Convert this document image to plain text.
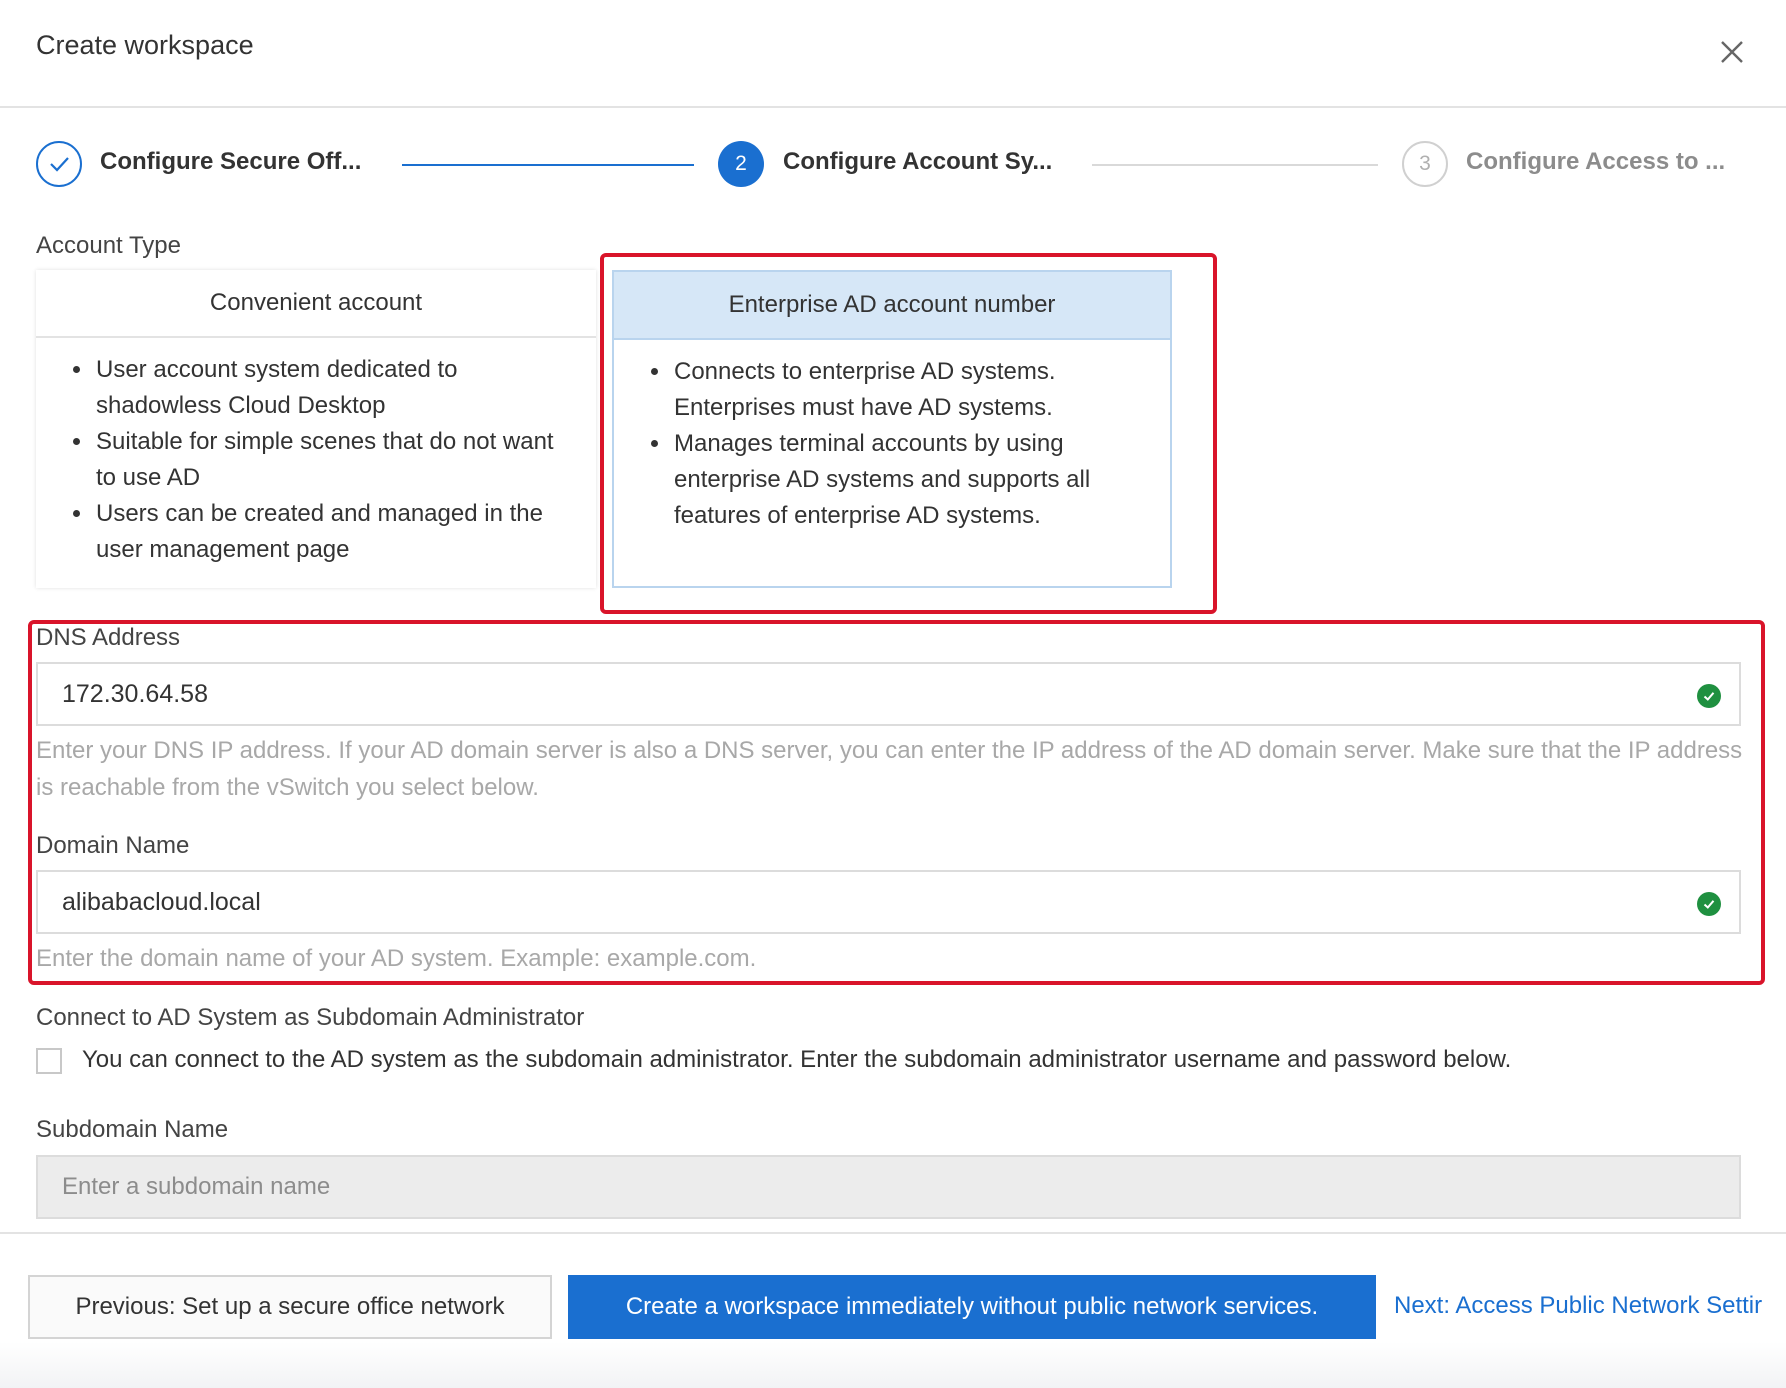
Create workspace
Configure Secure Off...	2	Configure Account Sy...	3	Configure Access to ...
Account Type
Convenient account
• User account system dedicated to shadowless Cloud Desktop
• Suitable for simple scenes that do not want to use AD
• Users can be created and managed in the user management page
Enterprise AD account number
• Connects to enterprise AD systems. Enterprises must have AD systems.
• Manages terminal accounts by using enterprise AD systems and supports all features of enterprise AD systems.
DNS Address
172.30.64.58
Enter your DNS IP address. If your AD domain server is also a DNS server, you can enter the IP address of the AD domain server. Make sure that the IP address is reachable from the vSwitch you select below.
Domain Name
alibabacloud.local
Enter the domain name of your AD system. Example: example.com.
Connect to AD System as Subdomain Administrator
You can connect to the AD system as the subdomain administrator. Enter the subdomain administrator username and password below.
Subdomain Name
Enter a subdomain name
Previous: Set up a secure office network	Create a workspace immediately without public network services.	Next: Access Public Network Settir
